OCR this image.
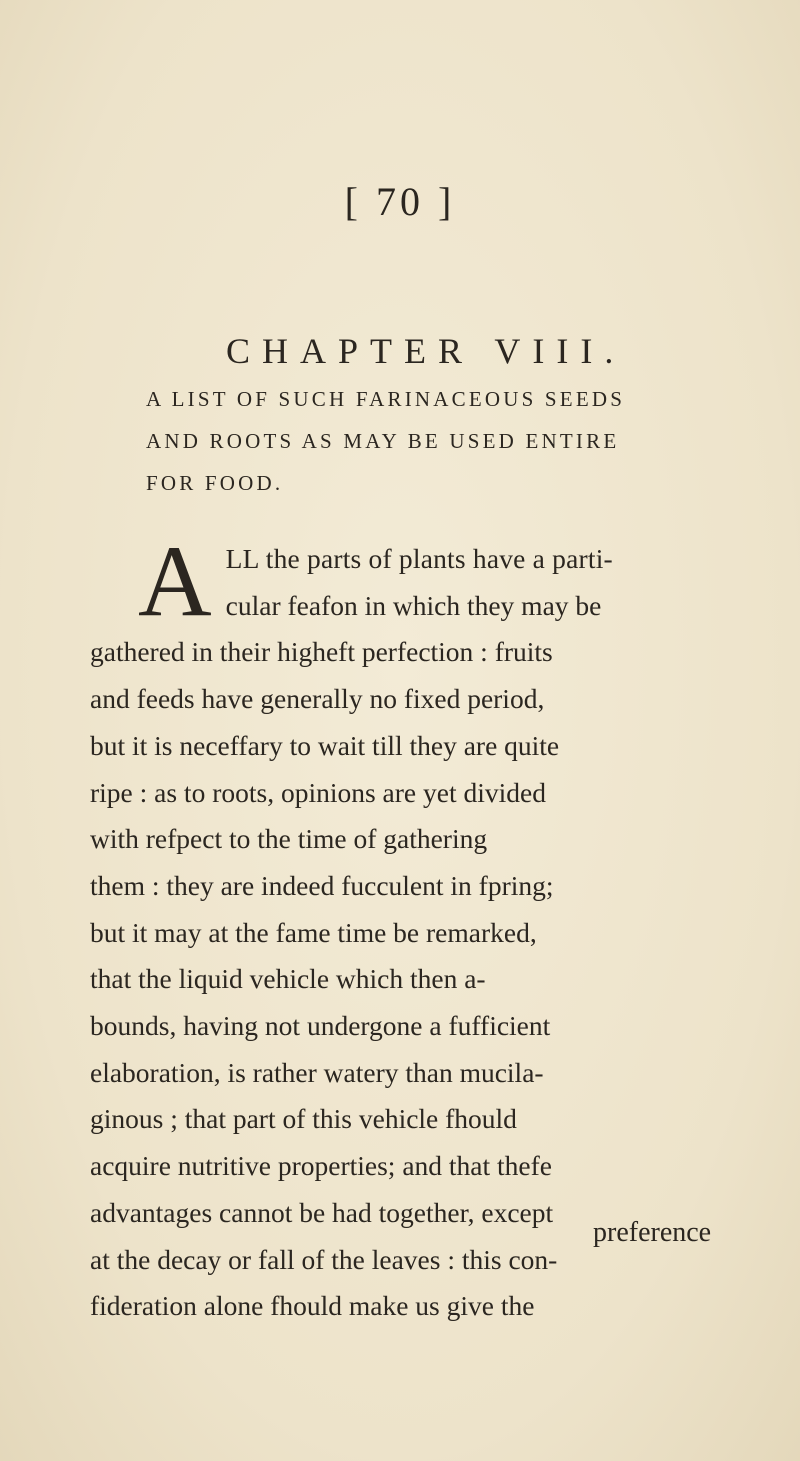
[ 70 ]
CHAPTER VIII.
A LIST OF SUCH FARINACEOUS SEEDS
AND ROOTS AS MAY BE USED ENTIRE
FOR FOOD.
A LL the parts of plants have a parti-
cular feafon in which they may be
gathered in their higheft perfection : fruits
and feeds have generally no fixed period,
but it is neceffary to wait till they are quite
ripe : as to roots, opinions are yet divided
with refpect to the time of gathering
them : they are indeed fucculent in fpring;
but it may at the fame time be remarked,
that the liquid vehicle which then a-
bounds, having not undergone a fufficient
elaboration, is rather watery than mucila-
ginous ; that part of this vehicle fhould
acquire nutritive properties; and that thefe
advantages cannot be had together, except
at the decay or fall of the leaves : this con-
fideration alone fhould make us give the
preference
